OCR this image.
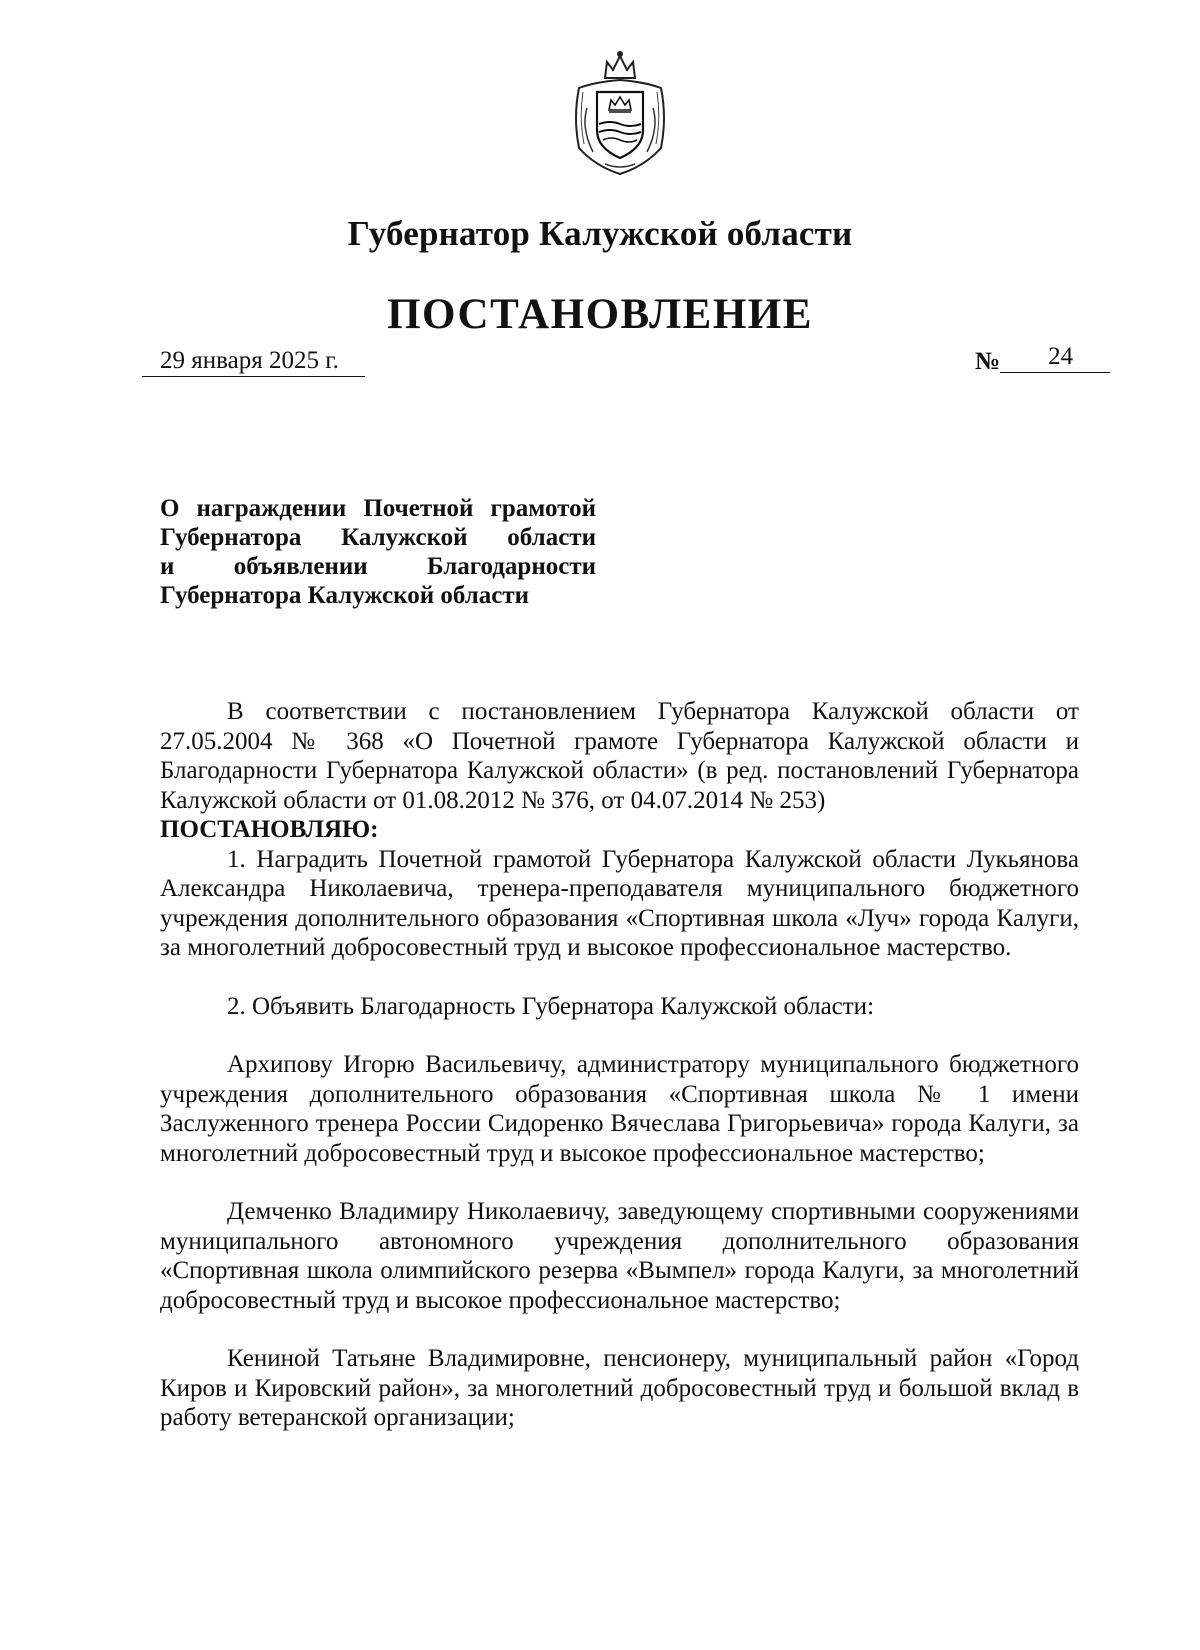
Губернатор Калужской области
ПОСТАНОВЛЕНИЕ
29 января 2025 г.	№	24
О награждении Почетной грамотой
Губернатора Калужской области
и объявлении Благодарности
Губернатора Калужской области

В соответствии с постановлением Губернатора Калужской области от 27.05.2004 № 368 «О Почетной грамоте Губернатора Калужской области и Благодарности Губернатора Калужской области» (в ред. постановлений Губернатора Калужской области от 01.08.2012 № 376, от 04.07.2014 № 253)

ПОСТАНОВЛЯЮ:

1. Наградить Почетной грамотой Губернатора Калужской области Лукьянова Александра Николаевича, тренера-преподавателя муниципального бюджетного учреждения дополнительного образования «Спортивная школа «Луч» города Калуги, за многолетний добросовестный труд и высокое профессиональное мастерство.

2. Объявить Благодарность Губернатора Калужской области:

Архипову Игорю Васильевичу, администратору муниципального бюджетного учреждения дополнительного образования «Спортивная школа № 1 имени Заслуженного тренера России Сидоренко Вячеслава Григорьевича» города Калуги, за многолетний добросовестный труд и высокое профессиональное мастерство;

Демченко Владимиру Николаевичу, заведующему спортивными сооружениями муниципального автономного учреждения дополнительного образования «Спортивная школа олимпийского резерва «Вымпел» города Калуги, за многолетний добросовестный труд и высокое профессиональное мастерство;

Кениной Татьяне Владимировне, пенсионеру, муниципальный район «Город Киров и Кировский район», за многолетний добросовестный труд и большой вклад в работу ветеранской организации;
